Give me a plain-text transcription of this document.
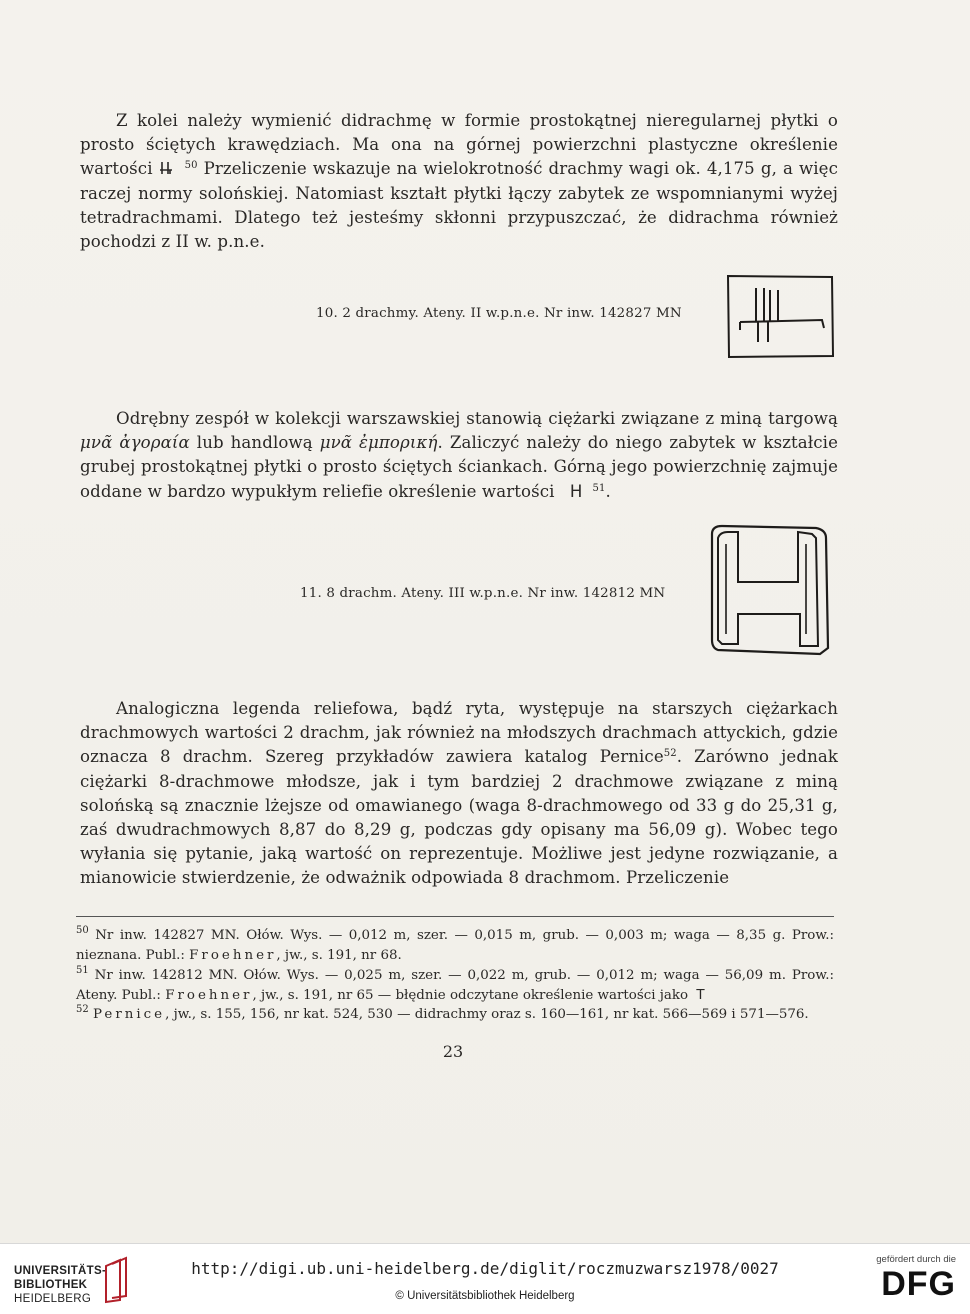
Z kolei należy wymienić didrachmę w formie prostokątnej nieregularnej płytki o prosto ściętych krawędziach. Ma ona na górnej powierzchni plastyczne określenie wartości	$^{50}$ Przeliczenie wskazuje na wielokrotność drachmy wagi ok. 4,175 g, a więc raczej normy solońskiej. Natomiast kształt płytki łączy zabytek ze wspomnianymi wyżej tetradrachmami. Dlatego też jesteśmy skłonni przypuszczać, że didrachma również pochodzi z II w. p.n.e.

10. 2 drachmy. Ateny. II w.p.n.e. Nr inw. 142827 MN

Odrębny zespół w kolekcji warszawskiej stanowią ciężarki związane z miną targową μνᾶ ἀγοραία lub handlową μνᾶ ἐμπορική. Zaliczyć należy do niego zabytek w kształcie grubej prostokątnej płytki o prosto ściętych ściankach. Górną jego powierzchnię zajmuje oddane w bardzo wypukłym reliefie określenie wartości H $^{51}$.

11. 8 drachm. Ateny. III w.p.n.e. Nr inw. 142812 MN

Analogiczna legenda reliefowa, bądź ryta, występuje na starszych ciężarkach drachmowych wartości 2 drachm, jak również na młodszych drachmach attyckich, gdzie oznacza 8 drachm. Szereg przykładów zawiera katalog Pernice$^{52}$. Zarówno jednak ciężarki 8-drachmowe młodsze, jak i tym bardziej 2 drachmowe związane z miną solońską są znacznie lżejsze od omawianego (waga 8-drachmowego od 33 g do 25,31 g, zaś dwudrachmowych 8,87 do 8,29 g, podczas gdy opisany ma 56,09 g). Wobec tego wyłania się pytanie, jaką wartość on reprezentuje. Możliwe jest jedyne rozwiązanie, a mianowicie stwierdzenie, że odważnik odpowiada 8 drachmom. Przeliczenie

$^{50}$ Nr inw. 142827 MN. Ołów. Wys. — 0,012 m, szer. — 0,015 m, grub. — 0,003 m; waga — 8,35 g. Prow.: nieznana. Publ.: Froehner, jw., s. 191, nr 68.

$^{51}$ Nr inw. 142812 MN. Ołów. Wys. — 0,025 m, szer. — 0,022 m, grub. — 0,012 m; waga — 56,09 m. Prow.: Ateny. Publ.: Froehner, jw., s. 191, nr 65 — błędnie odczytane określenie wartości jako T

$^{52}$ Pernice, jw., s. 155, 156, nr kat. 524, 530 — didrachmy oraz s. 160—161, nr kat. 566—569 i 571—576.

23
UNIVERSITÄTS-
BIBLIOTHEK
HEIDELBERG
http://digi.ub.uni-heidelberg.de/diglit/roczmuzwarsz1978/0027
© Universitätsbibliothek Heidelberg
gefördert durch die
DFG
